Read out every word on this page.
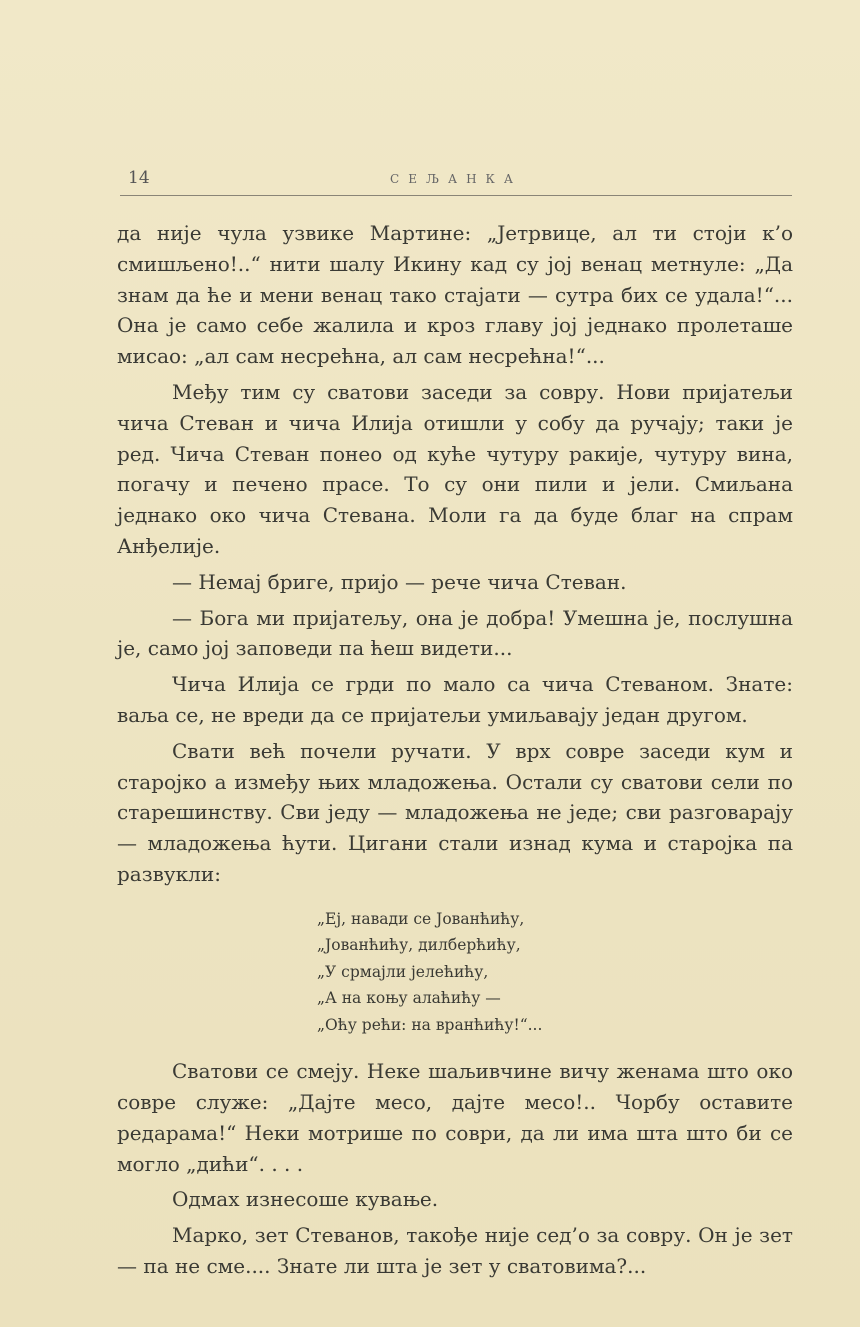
14	СЕЉАНКА

да није чула узвике Мартине: „Јетрвице, ал ти стоји к’о смишљено!..“ нити шалу Икину кад су јој венац метнуле: „Да знам да ће и мени венац тако стајати — сутра бих се удала!“... Она је само себе жалила и кроз главу јој једнако пролеташе мисао: „ал сам несрећна, ал сам несрећна!“...

Међу тим су сватови заседи за совру. Нови пријатељи чича Стеван и чича Илија отишли у собу да ручају; таки је ред. Чича Стеван понео од куће чутуру ракије, чутуру вина, погачу и печено прасе. То су они пили и јели. Смиљана једнако око чича Стевана. Моли га да буде благ на спрам Анђелије.

— Немај бриге, пријо — рече чича Стеван.

— Бога ми пријатељу, она је добра! Умешна је, послушна је, само јој заповеди па ћеш видети...

Чича Илија се грди по мало са чича Стеваном. Знате: ваља се, не вреди да се пријатељи умиљавају један другом.

Свати већ почели ручати. У врх совре заседи кум и старојко а између њих младожења. Остали су сватови сели по старешинству. Сви једу — младожења не једе; сви разговарају — младожења ћути. Цигани стали изнад кума и старојка па развукли:

„Еј, навади се Јованћићу,
„Јованћићу, дилберћићу,
„У срмајли јелећићу,
„А на коњу алаћићу —
„Оћу рећи: на вранћићу!“...

Сватови се смеју. Неке шаљивчине вичу женама што око совре служе: „Дајте месо, дајте месо!.. Чорбу оставите редарама!“ Неки мотрише по соври, да ли има шта што би се могло „дићи“. . . .

Одмах изнесоше кување.

Марко, зет Стеванов, такође није сед’о за совру. Он је зет — па не сме.... Знате ли шта је зет у сватовима?...
